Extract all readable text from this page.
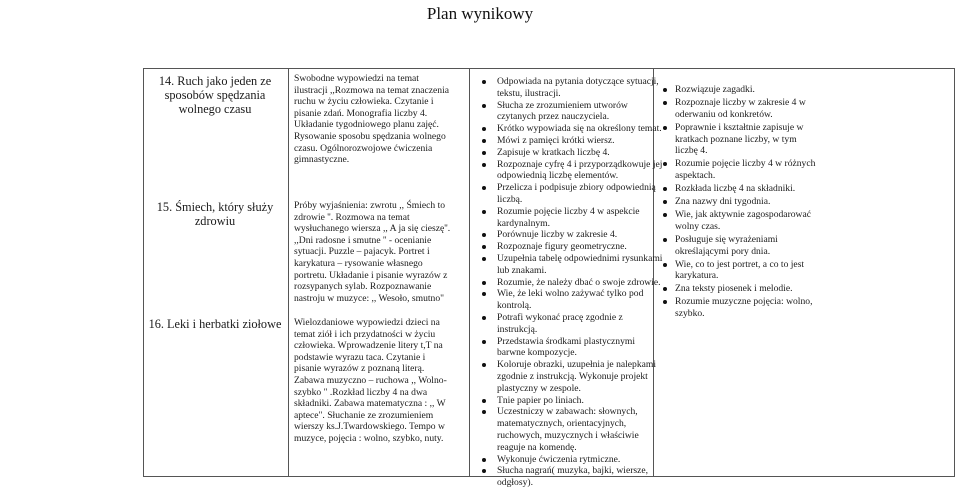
Plan wynikowy
14. Ruch jako jeden ze sposobów spędzania wolnego czasu
15. Śmiech, który służy zdrowiu
16. Leki i herbatki ziołowe
Swobodne wypowiedzi na temat ilustracji ,,Rozmowa na temat znaczenia ruchu w życiu człowieka. Czytanie i pisanie zdań. Monografia liczby 4. Układanie tygodniowego planu zajęć. Rysowanie sposobu spędzania wolnego czasu. Ogólnorozwojowe ćwiczenia gimnastyczne.
Próby wyjaśnienia: zwrotu ,, Śmiech to zdrowie ''. Rozmowa na temat wysłuchanego wiersza ,, A ja się cieszę''. ,,Dni radosne i smutne '' - ocenianie sytuacji. Puzzle – pajacyk. Portret i karykatura – rysowanie własnego portretu. Układanie i pisanie wyrazów z rozsypanych sylab. Rozpoznawanie nastroju w muzyce: ,, Wesoło, smutno"
Wielozdaniowe wypowiedzi dzieci na temat ziół i ich przydatności w życiu człowieka. Wprowadzenie litery t,T na podstawie wyrazu taca. Czytanie i pisanie wyrazów z poznaną literą. Zabawa muzyczno – ruchowa ,, Wolno- szybko " .Rozkład liczby 4 na dwa składniki. Zabawa matematyczna : ,, W aptece". Słuchanie ze zrozumieniem wierszy ks.J.Twardowskiego. Tempo w muzyce, pojęcia : wolno, szybko, nuty.
Odpowiada na pytania dotyczące sytuacji, tekstu, ilustracji.
Słucha ze zrozumieniem utworów czytanych przez nauczyciela.
Krótko wypowiada się na określony temat.
Mówi z pamięci krótki wiersz.
Zapisuje w kratkach liczbę 4.
Rozpoznaje cyfrę 4 i przyporządkowuje jej odpowiednią liczbę elementów.
Przelicza i podpisuje zbiory odpowiednią liczbą.
Rozumie pojęcie liczby 4 w aspekcie kardynalnym.
Porównuje liczby w zakresie 4.
Rozpoznaje figury geometryczne.
Uzupełnia tabelę odpowiednimi rysunkami lub znakami.
Rozumie, że należy dbać o swoje zdrowie.
Wie, że leki wolno zażywać tylko pod kontrolą.
Potrafi wykonać pracę zgodnie z instrukcją.
Przedstawia środkami plastycznymi barwne kompozycje.
Koloruje obrazki, uzupełnia je nalepkami zgodnie z instrukcją. Wykonuje projekt plastyczny w zespole.
Tnie papier po liniach.
Uczestniczy w zabawach: słownych, matematycznych, orientacyjnych, ruchowych, muzycznych i właściwie reaguje na komendę.
Wykonuje ćwiczenia rytmiczne.
Słucha nagrań( muzyka, bajki, wiersze, odgłosy).
Rozwiązuje zagadki.
Rozpoznaje liczby w zakresie 4 w oderwaniu od konkretów.
Poprawnie i kształtnie zapisuje w kratkach poznane liczby, w tym liczbę 4.
Rozumie pojęcie liczby 4 w różnych aspektach.
Rozkłada liczbę 4 na składniki.
Zna nazwy dni tygodnia.
Wie, jak aktywnie zagospodarować wolny czas.
Posługuje się wyrażeniami określającymi pory dnia.
Wie, co to jest portret, a co to jest karykatura.
Zna teksty piosenek i melodie.
Rozumie muzyczne pojęcia: wolno, szybko.
